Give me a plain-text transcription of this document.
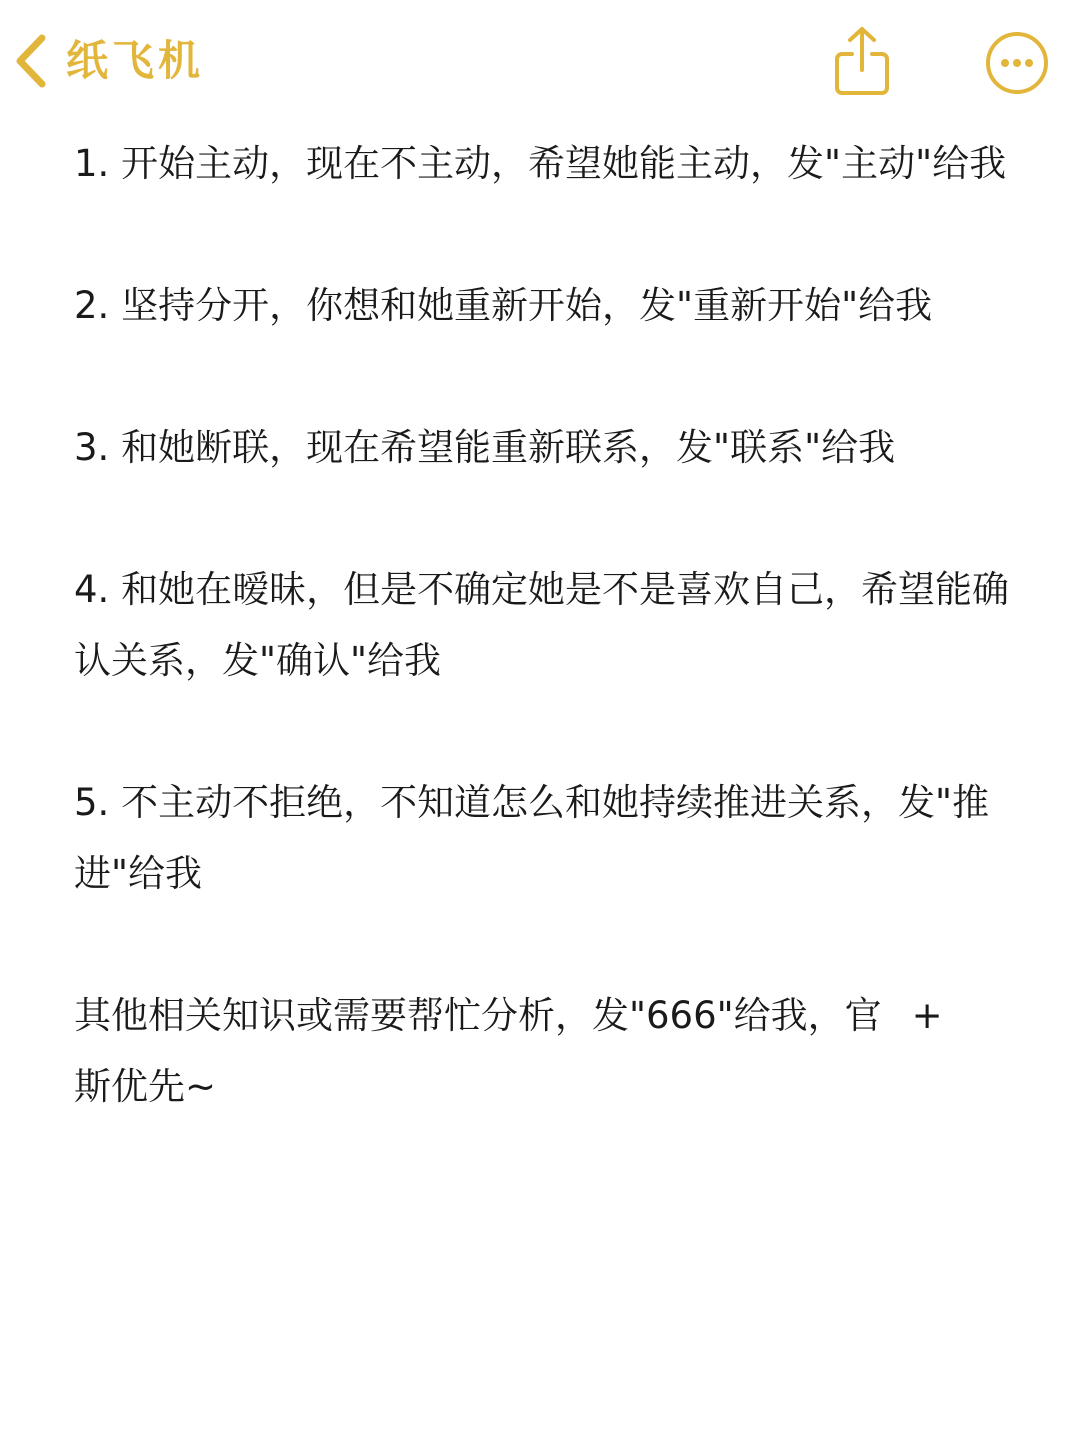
纸飞机

1. 开始主动，现在不主动，希望她能主动，发"主动"给我

2. 坚持分开，你想和她重新开始，发"重新开始"给我

3. 和她断联，现在希望能重新联系，发"联系"给我

4. 和她在暧昧，但是不确定她是不是喜欢自己，希望能确认关系，发"确认"给我

5. 不主动不拒绝，不知道怎么和她持续推进关系，发"推进"给我

其他相关知识或需要帮忙分析，发"666"给我，官 +
斯优先~
